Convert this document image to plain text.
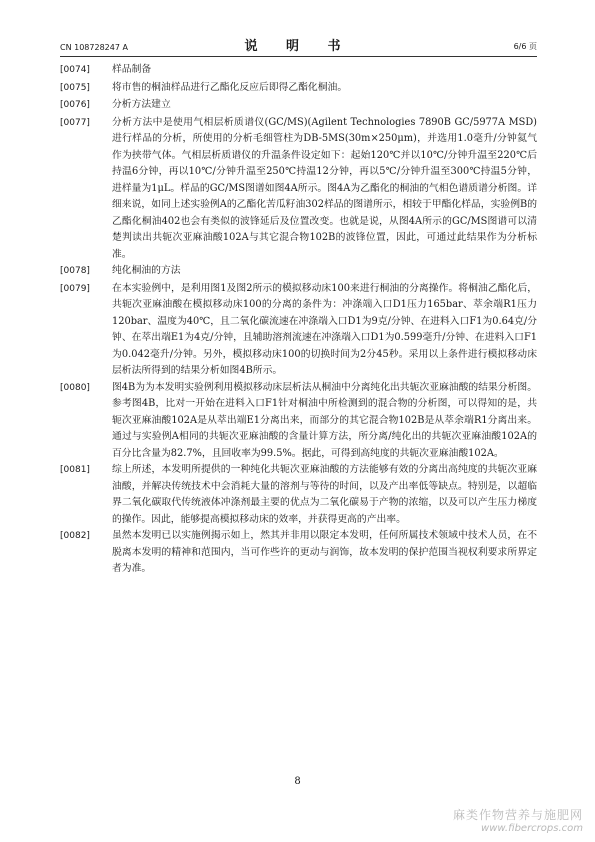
CN 108728247 A	说 明 书	6/6 页
[0074]	样品制备
[0075]	将市售的桐油样品进行乙酯化反应后即得乙酯化桐油。
[0076]	分析方法建立
[0077]	分析方法中是使用气相层析质谱仪(GC/MS)(Agilent Technologies 7890B GC/5977A MSD)进行样品的分析，所使用的分析毛细管柱为DB-5MS(30m×250μm)，并选用1.0毫升/分钟氦气作为挟带气体。气相层析质谱仪的升温条件设定如下：起始120℃并以10℃/分钟升温至220℃后持温6分钟，再以10℃/分钟升温至250℃持温12分钟，再以5℃/分钟升温至300℃持温5分钟，进样量为1μL。样品的GC/MS图谱如图4A所示。图4A为乙酯化的桐油的气相色谱质谱分析图。详细来说，如同上述实验例A的乙酯化苦瓜籽油302样品的图谱所示，相较于甲酯化样品，实验例B的乙酯化桐油402也会有类似的波锋延后及位置改变。也就是说，从图4A所示的GC/MS图谱可以清楚判读出共轭次亚麻油酸102A与其它混合物102B的波锋位置，因此，可通过此结果作为分析标准。
[0078]	纯化桐油的方法
[0079]	在本实验例中，是利用图1及图2所示的模拟移动床100来进行桐油的分离操作。将桐油乙酯化后，共轭次亚麻油酸在模拟移动床100的分离的条件为：冲涤端入口D1压力165bar、萃余端R1压力120bar、温度为40℃，且二氧化碳流速在冲涤端入口D1为9克/分钟、在进料入口F1为0.64克/分钟、在萃出端E1为4克/分钟，且辅助溶剂流速在冲涤端入口D1为0.599毫升/分钟、在进料入口F1为0.042毫升/分钟。另外，模拟移动床100的切换时间为2分45秒。采用以上条件进行模拟移动床层析法所得到的结果分析如图4B所示。
[0080]	图4B为为本发明实验例利用模拟移动床层析法从桐油中分离纯化出共轭次亚麻油酸的结果分析图。参考图4B，比对一开始在进料入口F1针对桐油中所检测到的混合物的分析图，可以得知的是，共轭次亚麻油酸102A是从萃出端E1分离出来，而部分的其它混合物102B是从萃余端R1分离出来。通过与实验例A相同的共轭次亚麻油酸的含量计算方法，所分离/纯化出的共轭次亚麻油酸102A的百分比含量为82.7%，且回收率为99.5%。据此，可得到高纯度的共轭次亚麻油酸102A。
[0081]	综上所述，本发明所提供的一种纯化共轭次亚麻油酸的方法能够有效的分离出高纯度的共轭次亚麻油酸，并解决传统技术中会消耗大量的溶剂与等待的时间，以及产出率低等缺点。特别是，以超临界二氧化碳取代传统液体冲涤剂最主要的优点为二氧化碳易于产物的浓缩，以及可以产生压力梯度的操作。因此，能够提高模拟移动床的效率，并获得更高的产出率。
[0082]	虽然本发明已以实施例揭示如上，然其并非用以限定本发明，任何所属技术领域中技术人员，在不脱离本发明的精神和范围内，当可作些许的更动与润饰，故本发明的保护范围当视权利要求所界定者为准。
8
麻类作物营养与施肥网
www.fibercrops.com
